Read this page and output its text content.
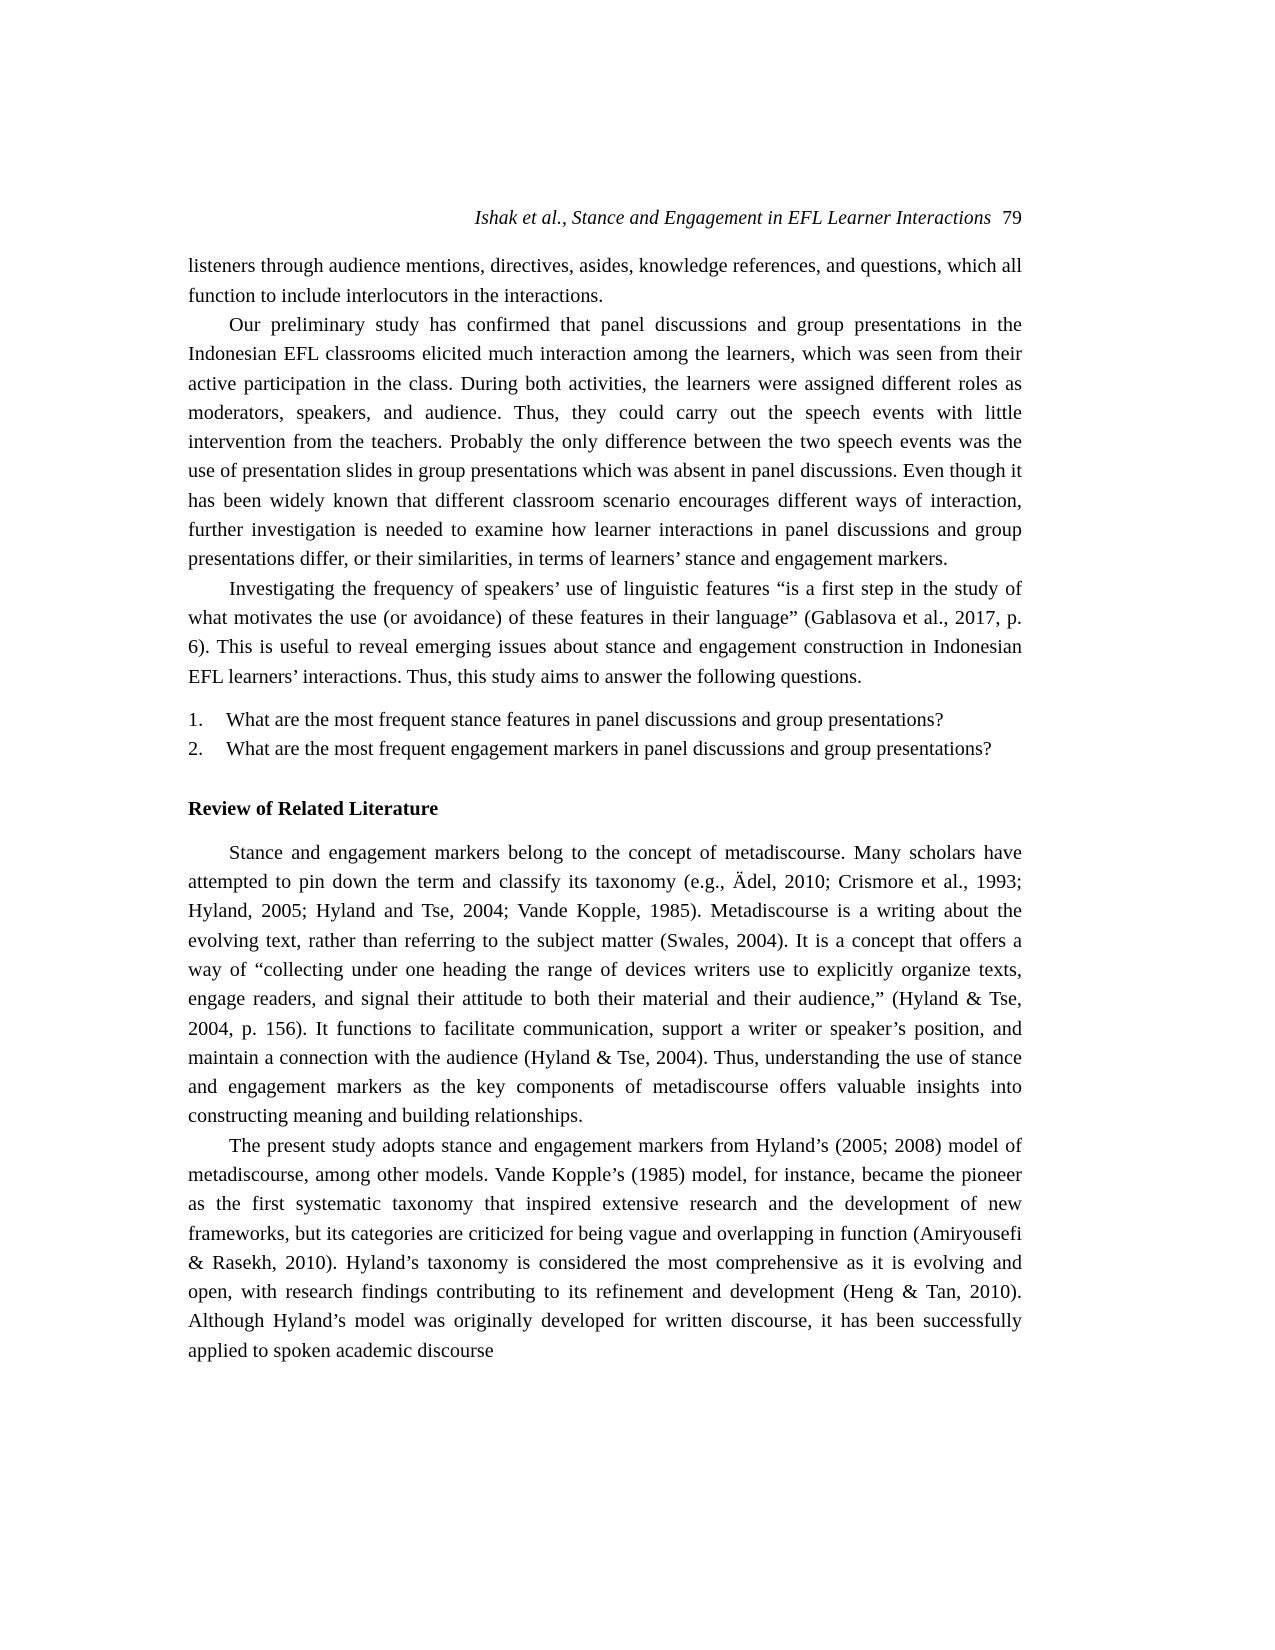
Ishak et al., Stance and Engagement in EFL Learner Interactions 79

listeners through audience mentions, directives, asides, knowledge references, and questions, which all function to include interlocutors in the interactions.

Our preliminary study has confirmed that panel discussions and group presentations in the Indonesian EFL classrooms elicited much interaction among the learners, which was seen from their active participation in the class. During both activities, the learners were assigned different roles as moderators, speakers, and audience. Thus, they could carry out the speech events with little intervention from the teachers. Probably the only difference between the two speech events was the use of presentation slides in group presentations which was absent in panel discussions. Even though it has been widely known that different classroom scenario encourages different ways of interaction, further investigation is needed to examine how learner interactions in panel discussions and group presentations differ, or their similarities, in terms of learners’ stance and engagement markers.

Investigating the frequency of speakers’ use of linguistic features “is a first step in the study of what motivates the use (or avoidance) of these features in their language” (Gablasova et al., 2017, p. 6). This is useful to reveal emerging issues about stance and engagement construction in Indonesian EFL learners’ interactions. Thus, this study aims to answer the following questions.

1.	What are the most frequent stance features in panel discussions and group presentations?
2.	What are the most frequent engagement markers in panel discussions and group presentations?
Review of Related Literature

Stance and engagement markers belong to the concept of metadiscourse. Many scholars have attempted to pin down the term and classify its taxonomy (e.g., Ädel, 2010; Crismore et al., 1993; Hyland, 2005; Hyland and Tse, 2004; Vande Kopple, 1985). Metadiscourse is a writing about the evolving text, rather than referring to the subject matter (Swales, 2004). It is a concept that offers a way of “collecting under one heading the range of devices writers use to explicitly organize texts, engage readers, and signal their attitude to both their material and their audience,” (Hyland & Tse, 2004, p. 156). It functions to facilitate communication, support a writer or speaker’s position, and maintain a connection with the audience (Hyland & Tse, 2004). Thus, understanding the use of stance and engagement markers as the key components of metadiscourse offers valuable insights into constructing meaning and building relationships.

The present study adopts stance and engagement markers from Hyland’s (2005; 2008) model of metadiscourse, among other models. Vande Kopple’s (1985) model, for instance, became the pioneer as the first systematic taxonomy that inspired extensive research and the development of new frameworks, but its categories are criticized for being vague and overlapping in function (Amiryousefi & Rasekh, 2010). Hyland’s taxonomy is considered the most comprehensive as it is evolving and open, with research findings contributing to its refinement and development (Heng & Tan, 2010). Although Hyland’s model was originally developed for written discourse, it has been successfully applied to spoken academic discourse
